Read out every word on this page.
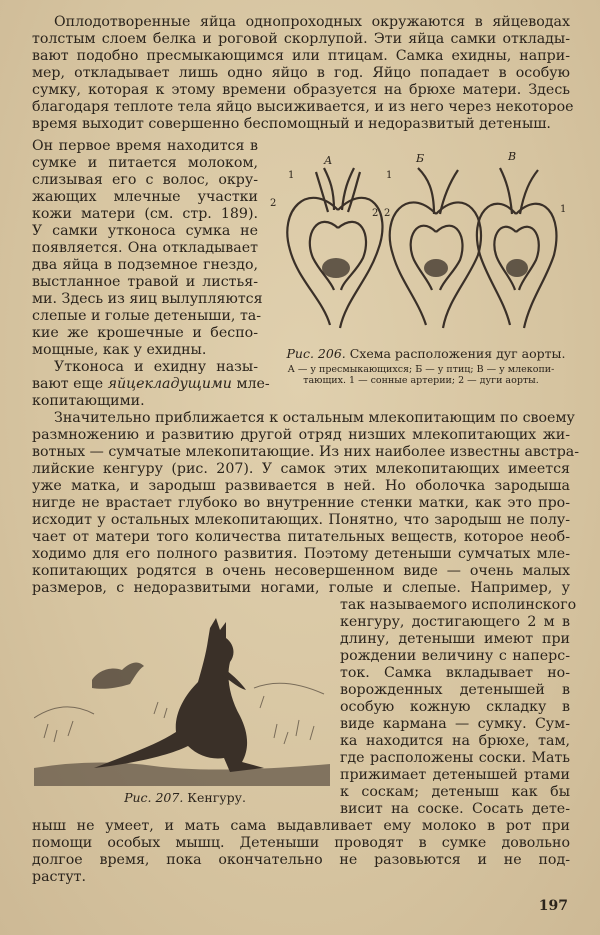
Оплодотворенные яйца однопроходных окружаются в яйцеводах
толстым слоем белка и роговой скорлупой. Эти яйца самки отклады-
вают подобно пресмыкающимся или птицам. Самка ехидны, напри-
мер, откладывает лишь одно яйцо в год. Яйцо попадает в особую
сумку, которая к этому времени образуется на брюхе матери. Здесь
благодаря теплоте тела яйцо высиживается, и из него через некоторое
время выходит совершенно беспомощный и недоразвитый детеныш.
Он первое время находится в
сумке и питается молоком,
слизывая его с волос, окру-
жающих млечные участки
кожи матери (см. стр. 189).
У самки утконоса сумка не
появляется. Она откладывает
два яйца в подземное гнездо,
выстланное травой и листья-
ми. Здесь из яиц вылупляются
слепые и голые детеныши, та-
кие же крошечные и беспо-
мощные, как у ехидны.
Утконоса и ехидну назы-
вают еще яйцекладущими мле-
копитающими.
А	Б	В
1
2
2
1
2	1

Рис. 206. Схема расположения дуг аорты.

А — у пресмыкающихся; Б — у птиц; В — у млекопи-
тающих. 1 — сонные артерии; 2 — дуги аорты.
Значительно приближается к остальным млекопитающим по своему
размножению и развитию другой отряд низших млекопитающих жи-
вотных — сумчатые млекопитающие. Из них наиболее известны австра-
лийские кенгуру (рис. 207). У самок этих млекопитающих имеется
уже матка, и зародыш развивается в ней. Но оболочка зародыша
нигде не врастает глубоко во внутренние стенки матки, как это про-
исходит у остальных млекопитающих. Понятно, что зародыш не полу-
чает от матери того количества питательных веществ, которое необ-
ходимо для его полного развития. Поэтому детеныши сумчатых мле-
копитающих родятся в очень несовершенном виде — очень малых
размеров, с недоразвитыми ногами, голые и слепые. Например, у
так называемого исполинского
кенгуру, достигающего 2 м в
длину, детеныши имеют при
рождении величину с наперс-
ток. Самка вкладывает но-
ворожденных детенышей в
особую кожную складку в
виде кармана — сумку. Сум-
ка находится на брюхе, там,
где расположены соски. Мать
прижимает детенышей ртами
к соскам; детеныш как бы
висит на соске. Сосать дете-

Рис. 207. Кенгуру.

ныш не умеет, и мать сама выдавливает ему молоко в рот при
помощи особых мышц. Детеныши проводят в сумке довольно
долгое время, пока окончательно не разовьются и не под-
растут.
197
